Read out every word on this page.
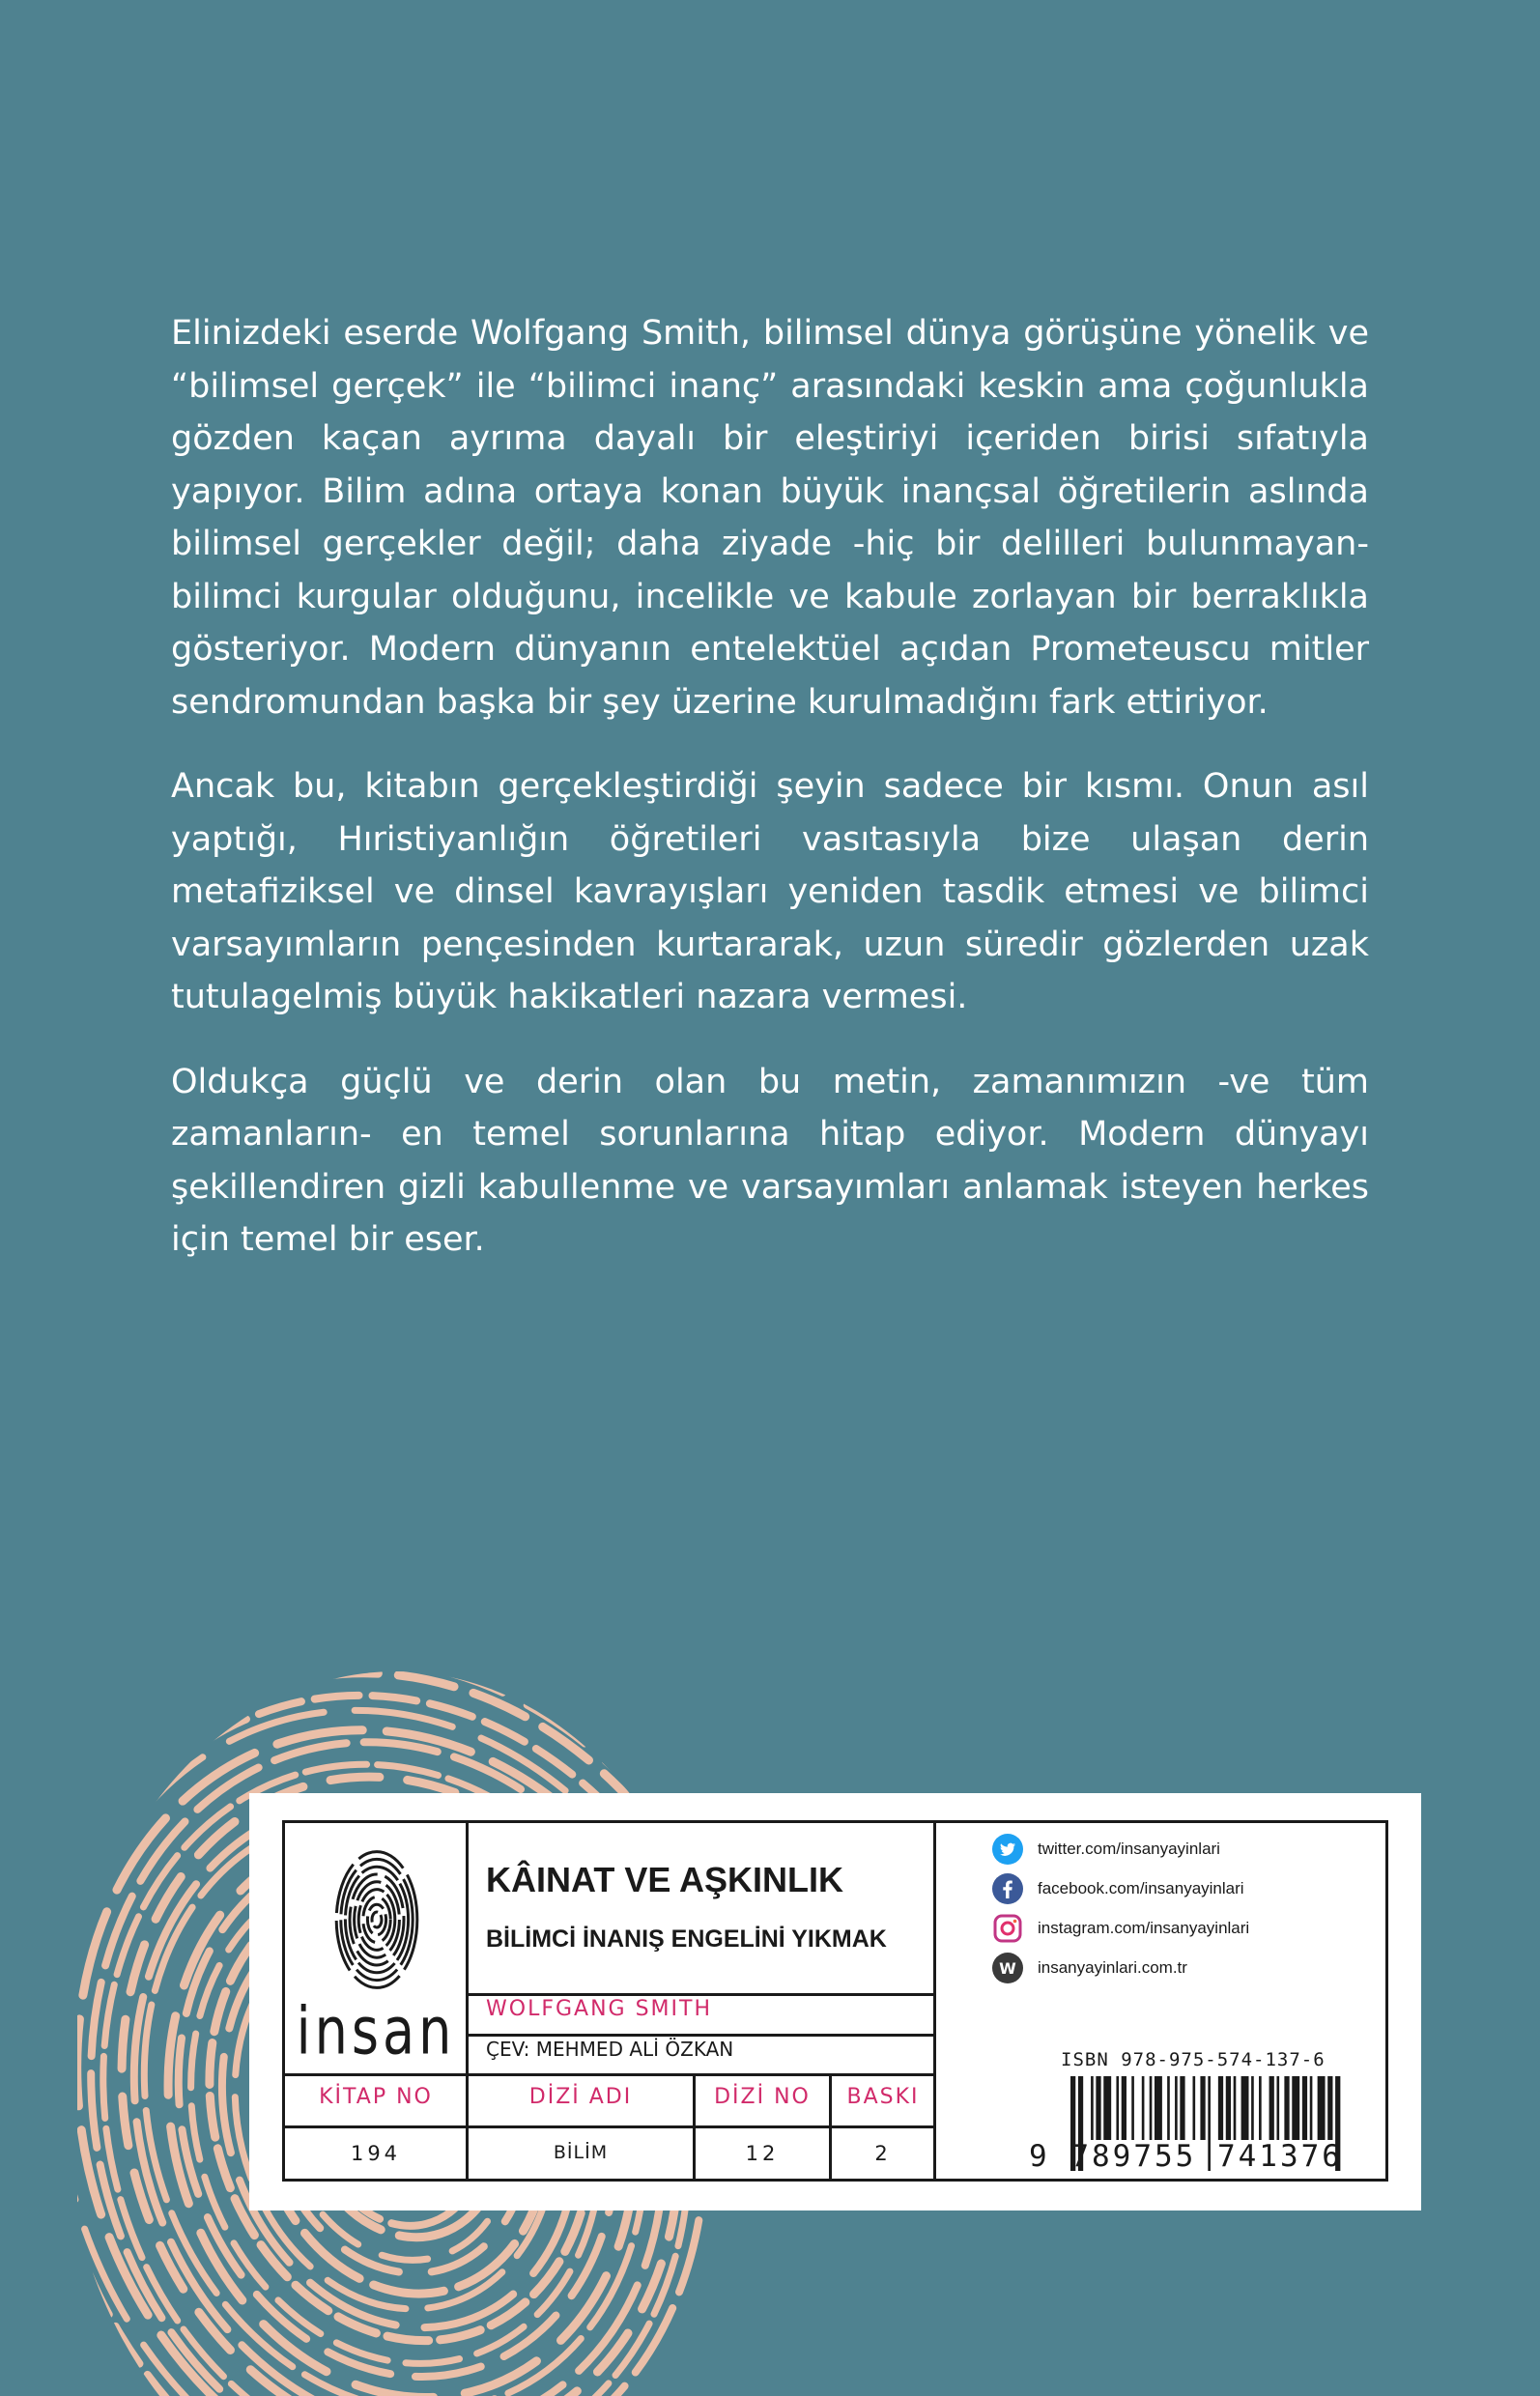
Elinizdeki eserde Wolfgang Smith, bilimsel dünya görüşüne yönelik ve “bilimsel gerçek” ile “bilimci inanç” arasındaki keskin ama çoğunlukla gözden kaçan ayrıma dayalı bir eleştiriyi içeriden birisi sıfatıyla yapıyor. Bilim adına ortaya konan büyük inançsal öğretilerin aslında bilimsel gerçekler değil; daha ziyade -hiç bir delilleri bulunmayan- bilimci kurgular olduğunu, incelikle ve kabule zorlayan bir berraklıkla gösteriyor. Modern dünyanın entelektüel açıdan Prometeuscu mitler sendromundan başka bir şey üzerine kurulmadığını fark ettiriyor.

Ancak bu, kitabın gerçekleştirdiği şeyin sadece bir kısmı. Onun asıl yaptığı, Hıristiyanlığın öğretileri vasıtasıyla bize ulaşan derin metafiziksel ve dinsel kavrayışları yeniden tasdik etmesi ve bilimci varsayımların pençesinden kurtararak, uzun süredir gözlerden uzak tutulagelmiş büyük hakikatleri nazara vermesi.

Oldukça güçlü ve derin olan bu metin, zamanımızın -ve tüm zamanların- en temel sorunlarına hitap ediyor. Modern dünyayı şekillendiren gizli kabullenme ve varsayımları anlamak isteyen herkes için temel bir eser.

insan
KÂINAT VE AŞKINLIK
BİLİMCİ İNANIŞ ENGELİNİ YIKMAK
WOLFGANG SMITH
ÇEV: MEHMED ALİ ÖZKAN
KİTAP NO	DİZİ ADI	DİZİ NO	BASKI
194	BİLİM	12	2
twitter.com/insanyayinlari
facebook.com/insanyayinlari
instagram.com/insanyayinlari
W insanyayinlari.com.tr
ISBN 978-975-574-137-6
9 789755 741376
